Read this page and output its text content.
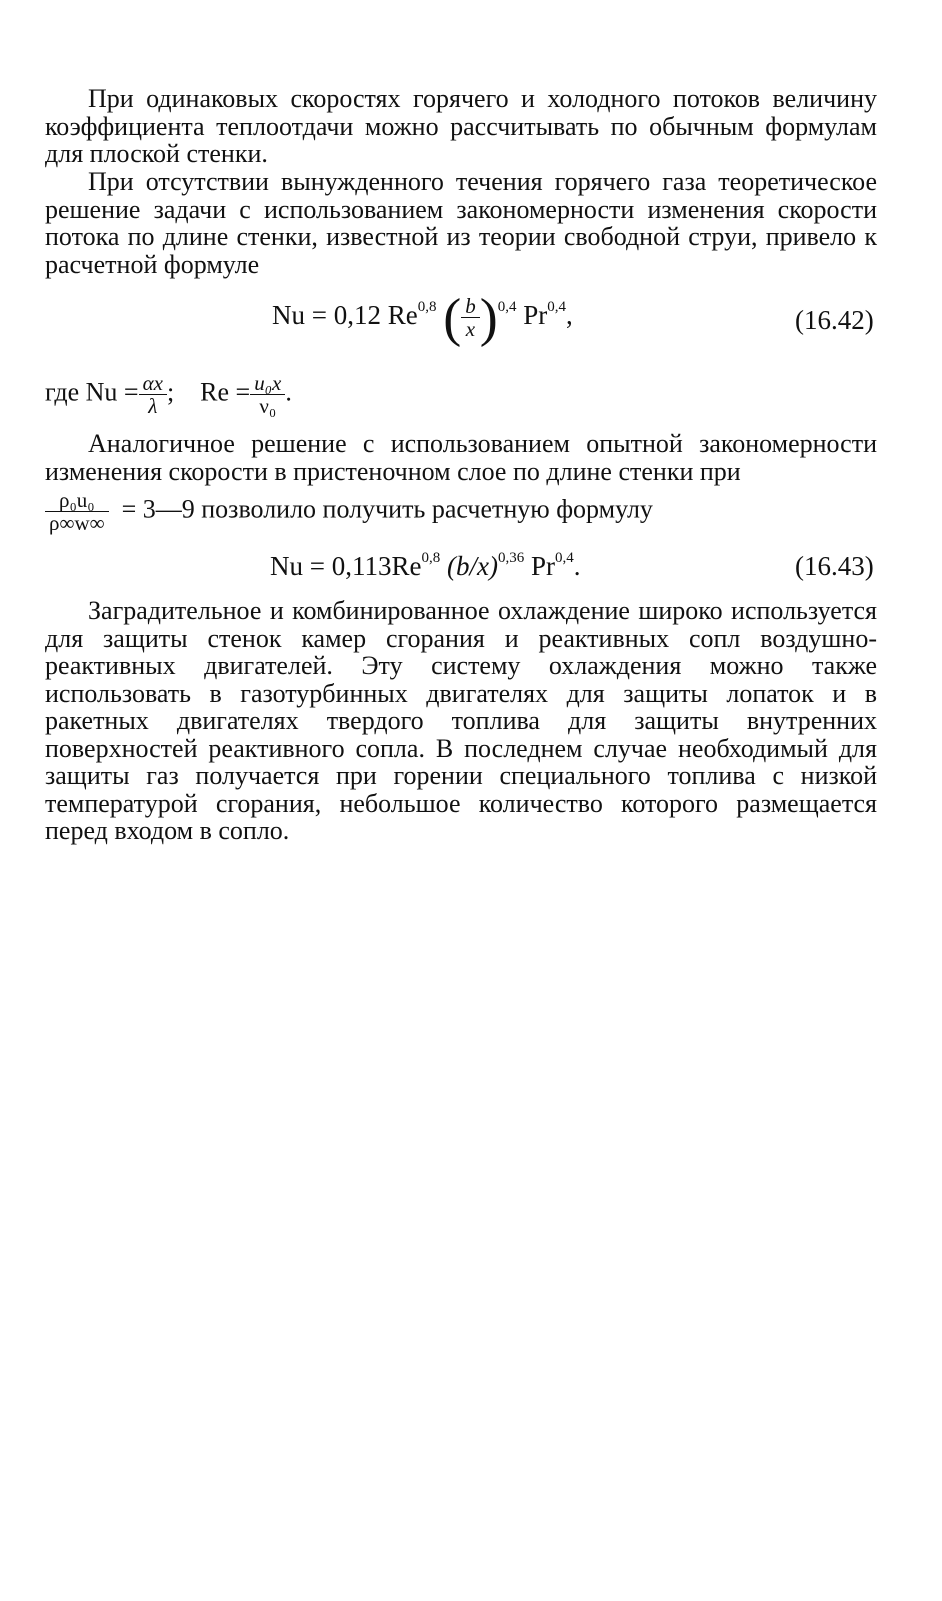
При одинаковых скоростях горячего и холодного потоков величину коэффициента теплоотдачи можно рассчитывать по обычным формулам для плоской стенки.

При отсутствии вынужденного течения горячего газа теоретическое решение задачи с использованием закономерности изменения скорости потока по длине стенки, известной из теории свободной струи, привело к расчетной формуле

Nu = 0,12 Re$^{0,8}$ ( $\frac{b}{x} )^{0,4}$ Pr$^{0,4}$,	(16.42)
где $Nu = \frac{\alpha x}{\lambda}$ ; $Re = \frac{\text{u₀x}}{\text{ν₀}}$ .

Аналогичное решение с использованием опытной закономерности изменения скорости в пристеночном слое по длине стенки при

$\frac{\text{ρ₀u₀}}{\rho\infty w\infty}$ = 3—9 позволило получить расчетную формулу
Nu = 0,113Re$^{0,8}$ $(b/x)^{0,36}$ Pr$^{0,4}$.	(16.43)

Заградительное и комбинированное охлаждение широко используется для защиты стенок камер сгорания и реактивных сопл воздушно-реактивных двигателей. Эту систему охлаждения можно также использовать в газотурбинных двигателях для защиты лопаток и в ракетных двигателях твердого топлива для защиты внутренних поверхностей реактивного сопла. В последнем случае необходимый для защиты газ получается при горении специального топлива с низкой температурой сгорания, небольшое количество которого размещается перед входом в сопло.
